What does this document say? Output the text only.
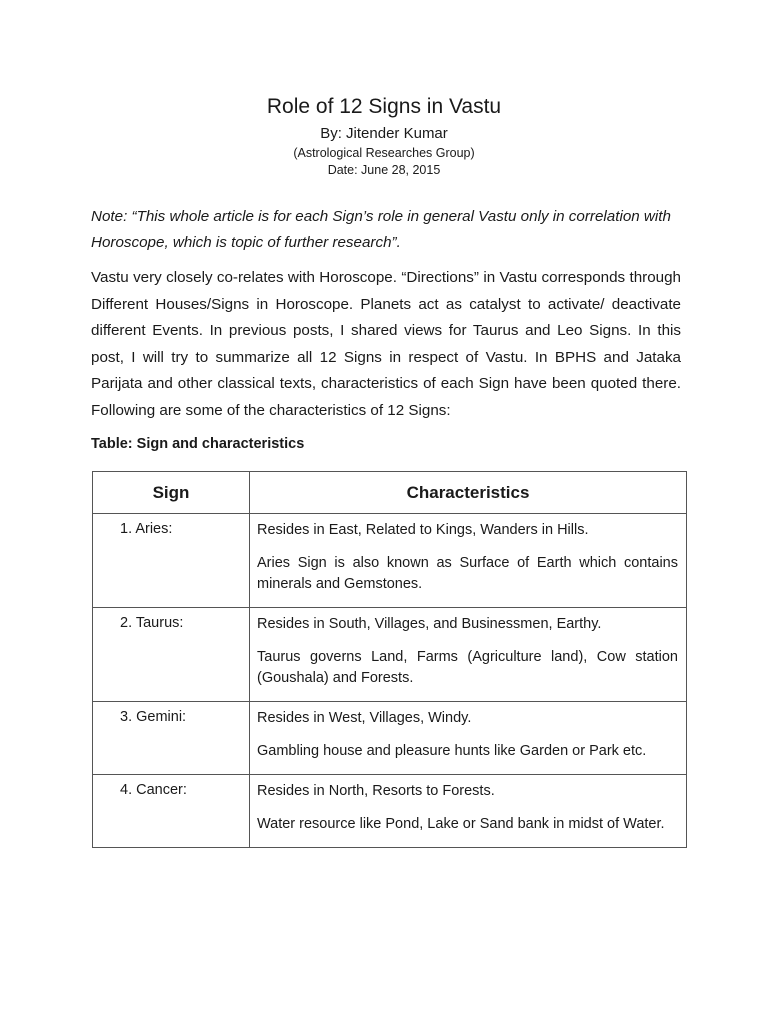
Role of 12 Signs in Vastu
By: Jitender Kumar
(Astrological Researches Group)
Date: June 28, 2015
Note: “This whole article is for each Sign’s role in general Vastu only in correlation with Horoscope, which is topic of further research”.
Vastu very closely co-relates with Horoscope. “Directions” in Vastu corresponds through Different Houses/Signs in Horoscope. Planets act as catalyst to activate/ deactivate different Events. In previous posts, I shared views for Taurus and Leo Signs. In this post, I will try to summarize all 12 Signs in respect of Vastu. In BPHS and Jataka Parijata and other classical texts, characteristics of each Sign have been quoted there. Following are some of the characteristics of 12 Signs:
Table: Sign and characteristics
Sign	Characteristics
1. Aries:	Resides in East, Related to Kings, Wanders in Hills.

Aries Sign is also known as Surface of Earth which contains minerals and Gemstones.

2. Taurus:	Resides in South, Villages, and Businessmen, Earthy.

Taurus governs Land, Farms (Agriculture land), Cow station (Goushala) and Forests.

3. Gemini:	Resides in West, Villages, Windy.

Gambling house and pleasure hunts like Garden or Park etc.

4. Cancer:	Resides in North, Resorts to Forests.

Water resource like Pond, Lake or Sand bank in midst of Water.
